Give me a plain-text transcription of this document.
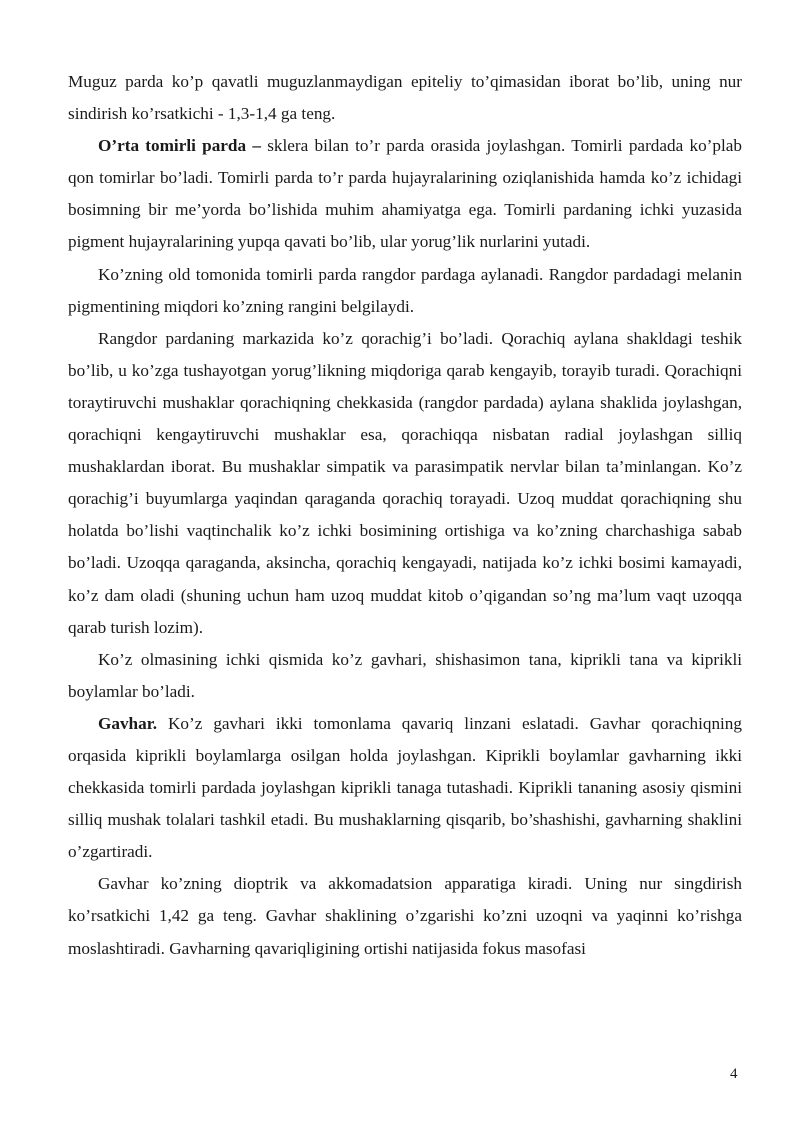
Muguz parda ko’p qavatli muguzlanmaydigan epiteliy to’qimasidan iborat bo’lib, uning nur sindirish ko’rsatkichi - 1,3-1,4 ga teng.

O’rta tomirli parda – sklera bilan to’r parda orasida joylashgan. Tomirli pardada ko’plab qon tomirlar bo’ladi. Tomirli parda to’r parda hujayralarining oziqlanishida hamda ko’z ichidagi bosimning bir me’yorda bo’lishida muhim ahamiyatga ega. Tomirli pardaning ichki yuzasida pigment hujayralarining yupqa qavati bo’lib, ular yorug’lik nurlarini yutadi.

Ko’zning old tomonida tomirli parda rangdor pardaga aylanadi. Rangdor pardadagi melanin pigmentining miqdori ko’zning rangini belgilaydi.

Rangdor pardaning markazida ko’z qorachig’i bo’ladi. Qorachiq aylana shakldagi teshik bo’lib, u ko’zga tushayotgan yorug’likning miqdoriga qarab kengayib, torayib turadi. Qorachiqni toraytiruvchi mushaklar qorachiqning chekkasida (rangdor pardada) aylana shaklida joylashgan, qorachiqni kengaytiruvchi mushaklar esa, qorachiqqa nisbatan radial joylashgan silliq mushaklardan iborat. Bu mushaklar simpatik va parasimpatik nervlar bilan ta’minlangan. Ko’z qorachig’i buyumlarga yaqindan qaraganda qorachiq torayadi. Uzoq muddat qorachiqning shu holatda bo’lishi vaqtinchalik ko’z ichki bosimining ortishiga va ko’zning charchashiga sabab bo’ladi. Uzoqqa qaraganda, aksincha, qorachiq kengayadi, natijada ko’z ichki bosimi kamayadi, ko’z dam oladi (shuning uchun ham uzoq muddat kitob o’qigandan so’ng ma’lum vaqt uzoqqa qarab turish lozim).

Ko’z olmasining ichki qismida ko’z gavhari, shishasimon tana, kiprikli tana va kiprikli boylamlar bo’ladi.

Gavhar. Ko’z gavhari ikki tomonlama qavariq linzani eslatadi. Gavhar qorachiqning orqasida kiprikli boylamlarga osilgan holda joylashgan. Kiprikli boylamlar gavharning ikki chekkasida tomirli pardada joylashgan kiprikli tanaga tutashadi. Kiprikli tananing asosiy qismini silliq mushak tolalari tashkil etadi. Bu mushaklarning qisqarib, bo’shashishi, gavharning shaklini o’zgartiradi.

Gavhar ko’zning dioptrik va akkomadatsion apparatiga kiradi. Uning nur singdirish ko’rsatkichi 1,42 ga teng. Gavhar shaklining o’zgarishi ko’zni uzoqni va yaqinni ko’rishga moslashtiradi. Gavharning qavariqligining ortishi natijasida fokus masofasi

4
